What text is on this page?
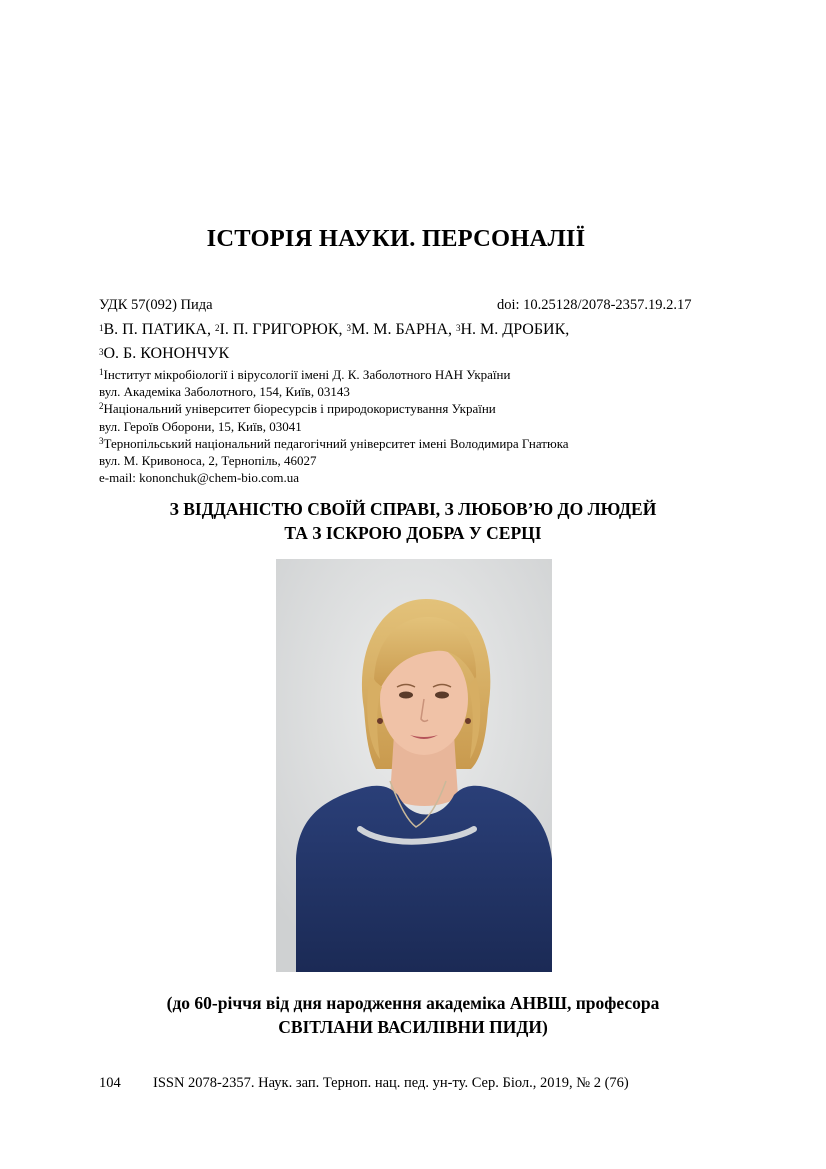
ІСТОРІЯ НАУКИ. ПЕРСОНАЛІЇ
УДК 57(092) Пида	doi: 10.25128/2078-2357.19.2.17
$^1$В. П. ПАТИКА, $^2$І. П. ГРИГОРЮК, $^3$М. М. БАРНА, $^3$Н. М. ДРОБИК,
$^3$О. Б. КОНОНЧУК
$^1$Інститут мікробіології і вірусології імені Д. К. Заболотного НАН України
вул. Академіка Заболотного, 154, Київ, 03143
$^2$Національний університет біоресурсів і природокористування України
вул. Героїв Оборони, 15, Київ, 03041
$^3$Тернопільський національний педагогічний університет імені Володимира Гнатюка
вул. М. Кривоноса, 2, Тернопіль, 46027
e-mail: kononchuk@chem-bio.com.ua
З ВІДДАНІСТЮ СВОЇЙ СПРАВІ, З ЛЮБОВ’Ю ДО ЛЮДЕЙ
ТА З ІСКРОЮ ДОБРА У СЕРЦІ
(до 60-річчя від дня народження академіка АНВШ, професора
СВІТЛАНИ ВАСИЛІВНИ ПИДИ)
104 ISSN 2078-2357. Наук. зап. Терноп. нац. пед. ун-ту. Сер. Біол., 2019, № 2 (76)
